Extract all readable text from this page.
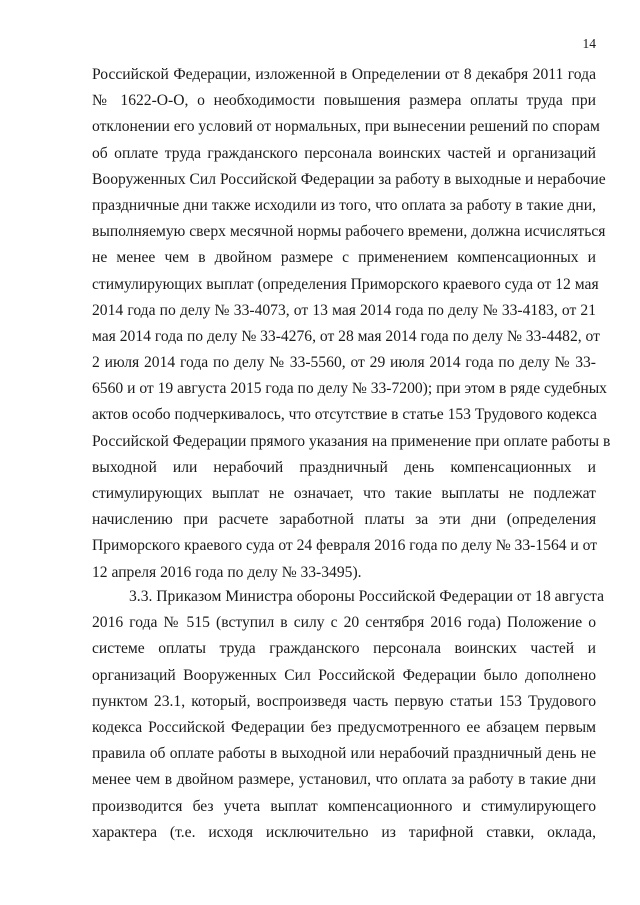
14
Российской Федерации, изложенной в Определении от 8 декабря 2011 года
№ 1622-О-О, о необходимости повышения размера оплаты труда при
отклонении его условий от нормальных, при вынесении решений по спорам
об оплате труда гражданского персонала воинских частей и организаций
Вооруженных Сил Российской Федерации за работу в выходные и нерабочие
праздничные дни также исходили из того, что оплата за работу в такие дни,
выполняемую сверх месячной нормы рабочего времени, должна исчисляться
не менее чем в двойном размере с применением компенсационных и
стимулирующих выплат (определения Приморского краевого суда от 12 мая
2014 года по делу № 33-4073, от 13 мая 2014 года по делу № 33-4183, от 21
мая 2014 года по делу № 33-4276, от 28 мая 2014 года по делу № 33-4482, от
2 июля 2014 года по делу № 33-5560, от 29 июля 2014 года по делу № 33-
6560 и от 19 августа 2015 года по делу № 33-7200); при этом в ряде судебных
актов особо подчеркивалось, что отсутствие в статье 153 Трудового кодекса
Российской Федерации прямого указания на применение при оплате работы в
выходной или нерабочий праздничный день компенсационных и
стимулирующих выплат не означает, что такие выплаты не подлежат
начислению при расчете заработной платы за эти дни (определения
Приморского краевого суда от 24 февраля 2016 года по делу № 33-1564 и от
12 апреля 2016 года по делу № 33-3495).
3.3. Приказом Министра обороны Российской Федерации от 18 августа
2016 года № 515 (вступил в силу с 20 сентября 2016 года) Положение о
системе оплаты труда гражданского персонала воинских частей и
организаций Вооруженных Сил Российской Федерации было дополнено
пунктом 23.1, который, воспроизведя часть первую статьи 153 Трудового
кодекса Российской Федерации без предусмотренного ее абзацем первым
правила об оплате работы в выходной или нерабочий праздничный день не
менее чем в двойном размере, установил, что оплата за работу в такие дни
производится без учета выплат компенсационного и стимулирующего
характера (т.е. исходя исключительно из тарифной ставки, оклада,
